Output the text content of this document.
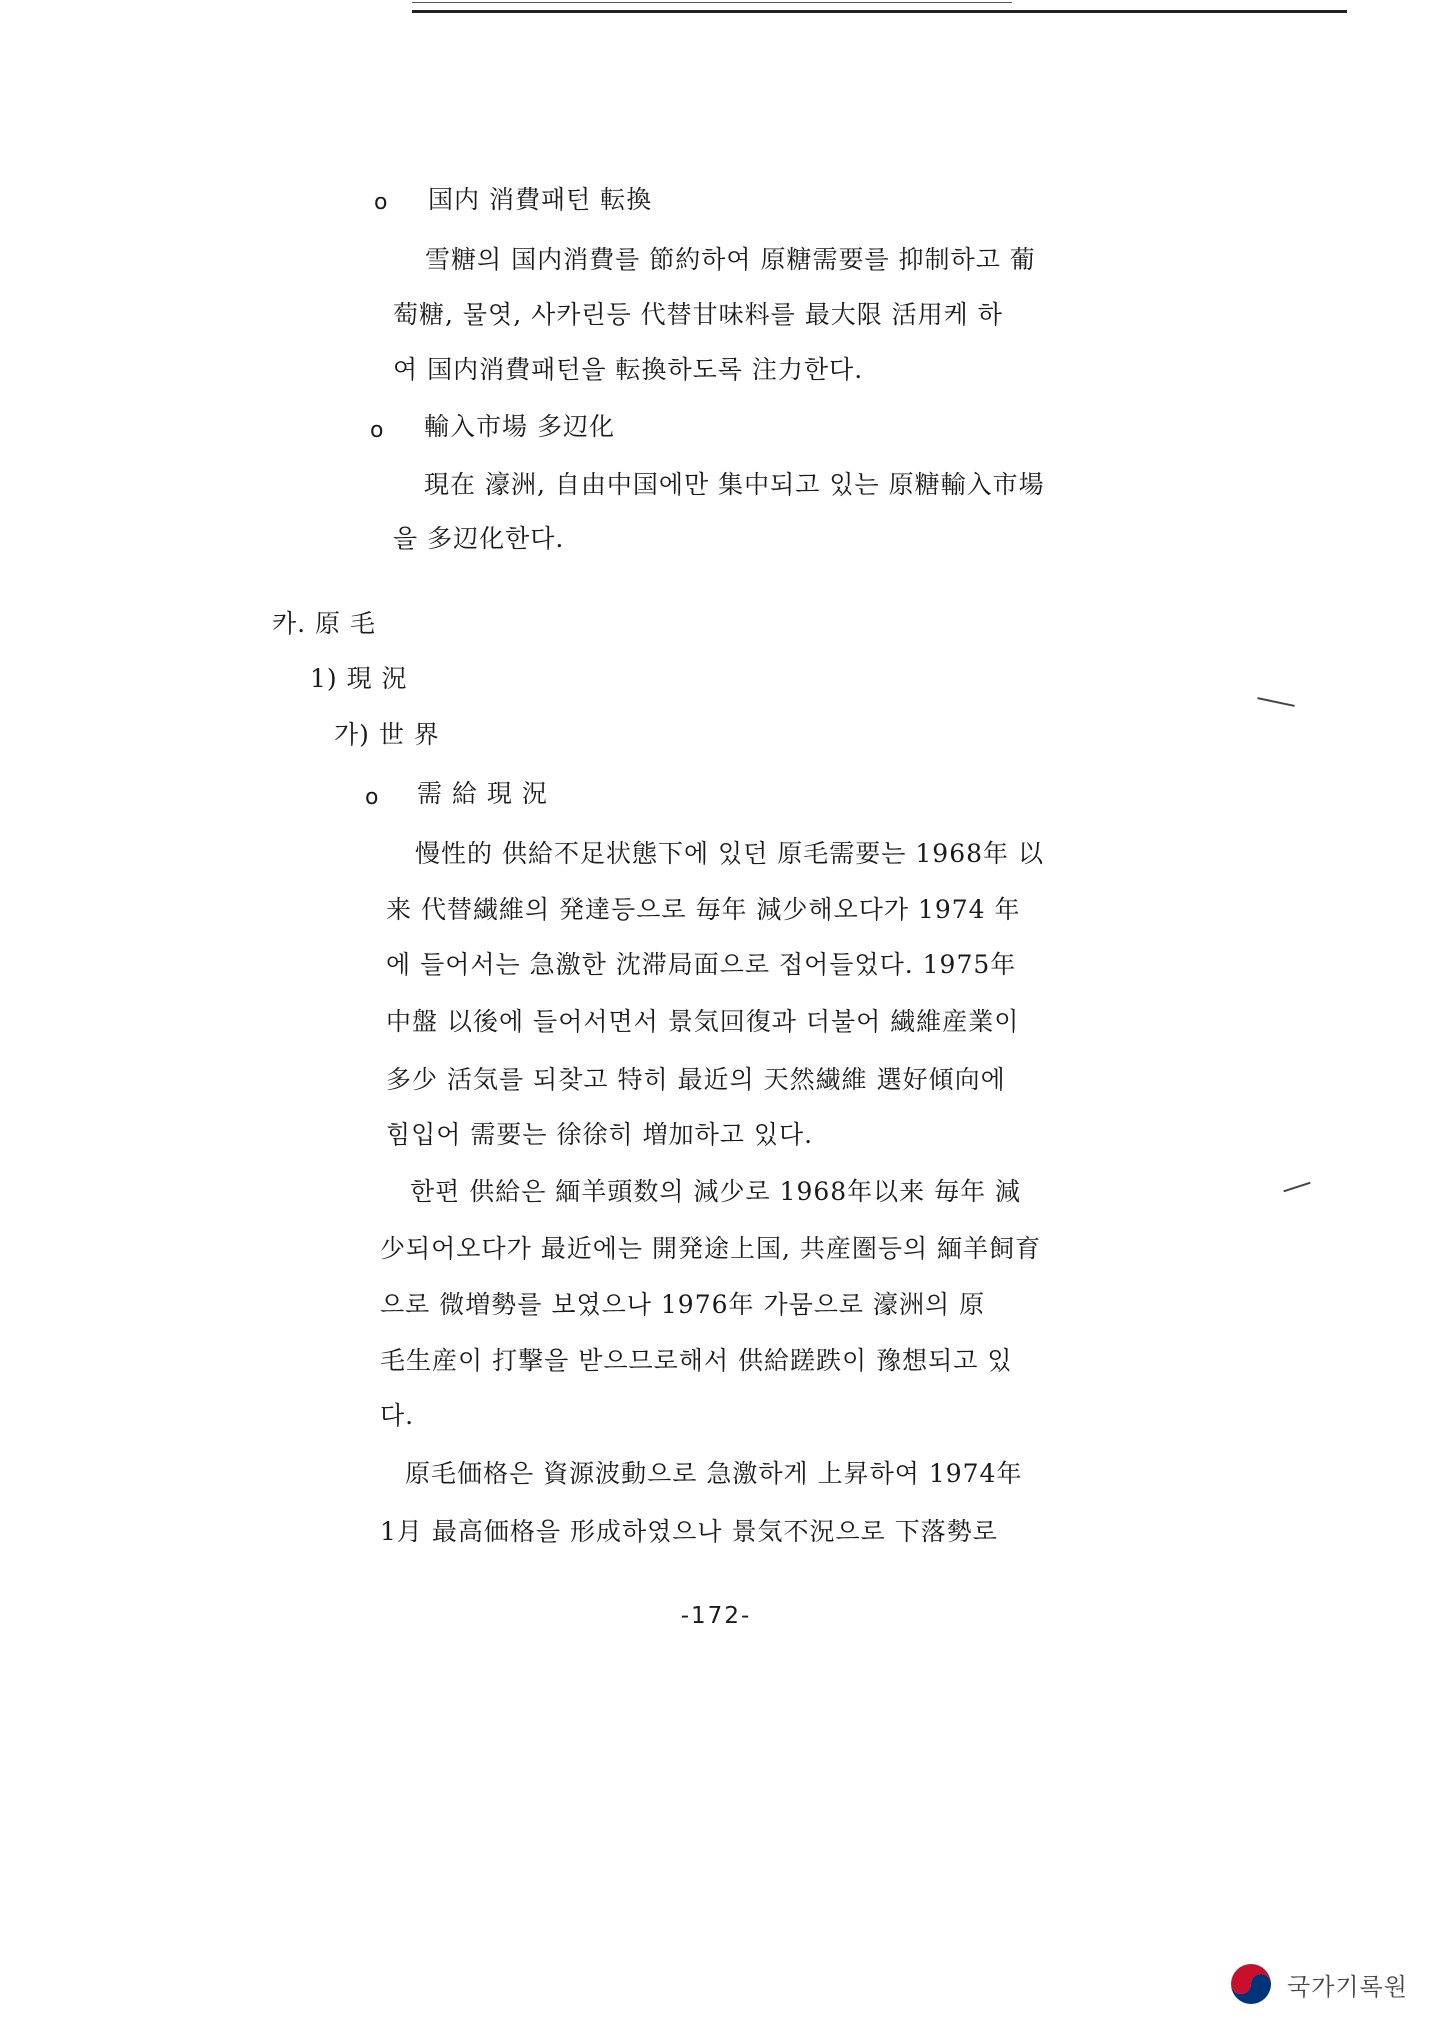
国内 消費패턴 転換
雪糖의 国内消費를 節約하여 原糖需要를 抑制하고 葡
萄糖, 물엿, 사카린등 代替甘味料를 最大限 活用케 하
여 国内消費패턴을 転換하도록 注力한다.
輸入市場 多辺化
現在 濠洲, 自由中国에만 集中되고 있는 原糖輸入市場
을 多辺化한다.
카. 原 毛
1) 現 況
가) 世 界
需 給 現 況
慢性的 供給不足状態下에 있던 原毛需要는 1968年 以
来 代替繊維의 発達등으로 毎年 減少해오다가 1974 年
에 들어서는 急激한 沈滞局面으로 접어들었다. 1975年
中盤 以後에 들어서면서 景気回復과 더불어 繊維産業이
多少 活気를 되찾고 特히 最近의 天然繊維 選好傾向에
힘입어 需要는 徐徐히 増加하고 있다.
한편 供給은 緬羊頭数의 減少로 1968年以来 毎年 減
少되어오다가 最近에는 開発途上国, 共産圏등의 緬羊飼育
으로 微増勢를 보였으나 1976年 가뭄으로 濠洲의 原
毛生産이 打撃을 받으므로해서 供給蹉跌이 豫想되고 있
다.
原毛価格은 資源波動으로 急激하게 上昇하여 1974年
1月 最高価格을 形成하였으나 景気不況으로 下落勢로
o
o
o
-172-
국가기록원
